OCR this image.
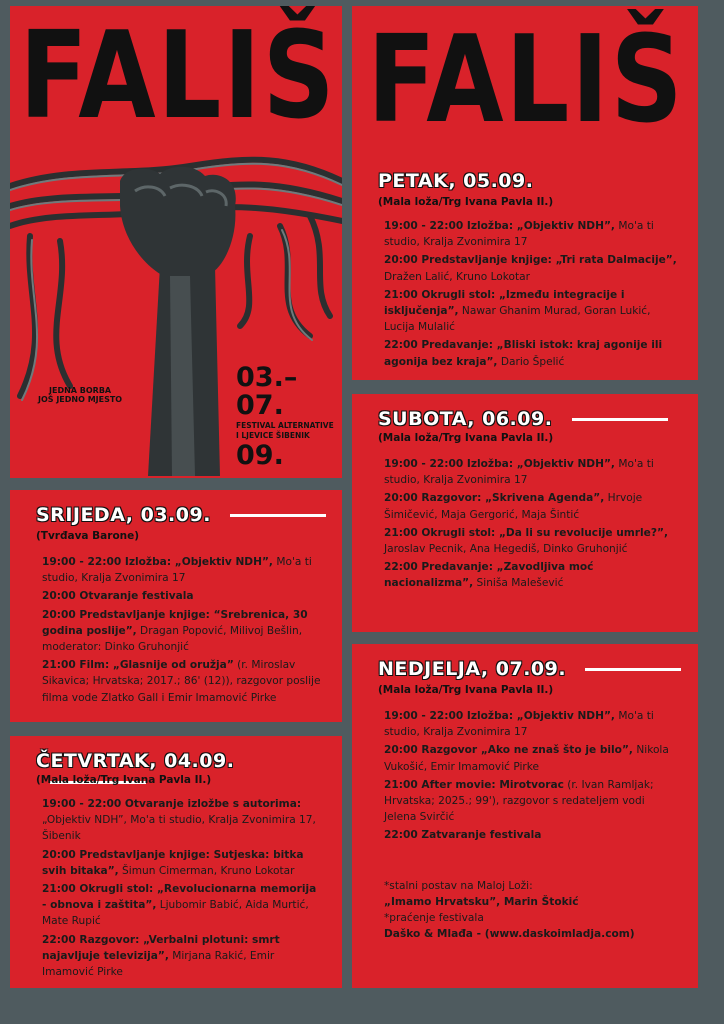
FALIŠ
JEDNA BORBA
JOŠ JEDNO MJESTO
03.–07.
FESTIVAL ALTERNATIVE
I LJEVICE ŠIBENIK
09.
FALIŠ
PETAK, 05.09.
(Mala loža/Trg Ivana Pavla II.)

19:00 - 22:00 Izložba: „Objektiv NDH”, Mo'a ti studio, Kralja Zvonimira 17

20:00 Predstavljanje knjige: „Tri rata Dalmacije”, Dražen Lalić, Kruno Lokotar

21:00 Okrugli stol: „Između integracije i isključenja”, Nawar Ghanim Murad, Goran Lukić, Lucija Mulalić

22:00 Predavanje: „Bliski istok: kraj agonije ili agonija bez kraja”, Dario Špelić

SUBOTA, 06.09.
(Mala loža/Trg Ivana Pavla II.)

19:00 - 22:00 Izložba: „Objektiv NDH”, Mo'a ti studio, Kralja Zvonimira 17

20:00 Razgovor: „Skrivena Agenda”, Hrvoje Šimičević, Maja Gergorić, Maja Šintić

21:00 Okrugli stol: „Da li su revolucije umrle?”, Jaroslav Pecnik, Ana Hegediš, Dinko Gruhonjić

22:00 Predavanje: „Zavodljiva moć nacionalizma”, Siniša Malešević

NEDJELJA, 07.09.
(Mala loža/Trg Ivana Pavla II.)

19:00 - 22:00 Izložba: „Objektiv NDH”, Mo'a ti studio, Kralja Zvonimira 17

20:00 Razgovor „Ako ne znaš što je bilo”, Nikola Vukošić, Emir Imamović Pirke

21:00 After movie: Mirotvorac (r. Ivan Ramljak; Hrvatska; 2025.; 99'), razgovor s redateljem vodi Jelena Svirčić

22:00 Zatvaranje festivala

*stalni postav na Maloj Loži:
„Imamo Hrvatsku”, Marin Štokić
*praćenje festivala
Daško & Mlađa - (www.daskoimladja.com)
SRIJEDA, 03.09.
(Tvrđava Barone)

19:00 - 22:00 Izložba: „Objektiv NDH”, Mo'a ti studio, Kralja Zvonimira 17

20:00 Otvaranje festivala

20:00 Predstavljanje knjige: “Srebrenica, 30 godina poslije”, Dragan Popović, Milivoj Bešlin, moderator: Dinko Gruhonjić

21:00 Film: „Glasnije od oružja” (r. Miroslav Sikavica; Hrvatska; 2017.; 86' (12)), razgovor poslije filma vode Zlatko Gall i Emir Imamović Pirke

ČETVRTAK, 04.09.
(Mala loža/Trg Ivana Pavla II.)

19:00 - 22:00 Otvaranje izložbe s autorima: „Objektiv NDH”, Mo'a ti studio, Kralja Zvonimira 17, Šibenik

20:00 Predstavljanje knjige: Sutjeska: bitka svih bitaka”, Šimun Cimerman, Kruno Lokotar

21:00 Okrugli stol: „Revolucionarna memorija - obnova i zaštita”, Ljubomir Babić, Aida Murtić, Mate Rupić

22:00 Razgovor: „Verbalni plotuni: smrt najavljuje televizija”, Mirjana Rakić, Emir Imamović Pirke
